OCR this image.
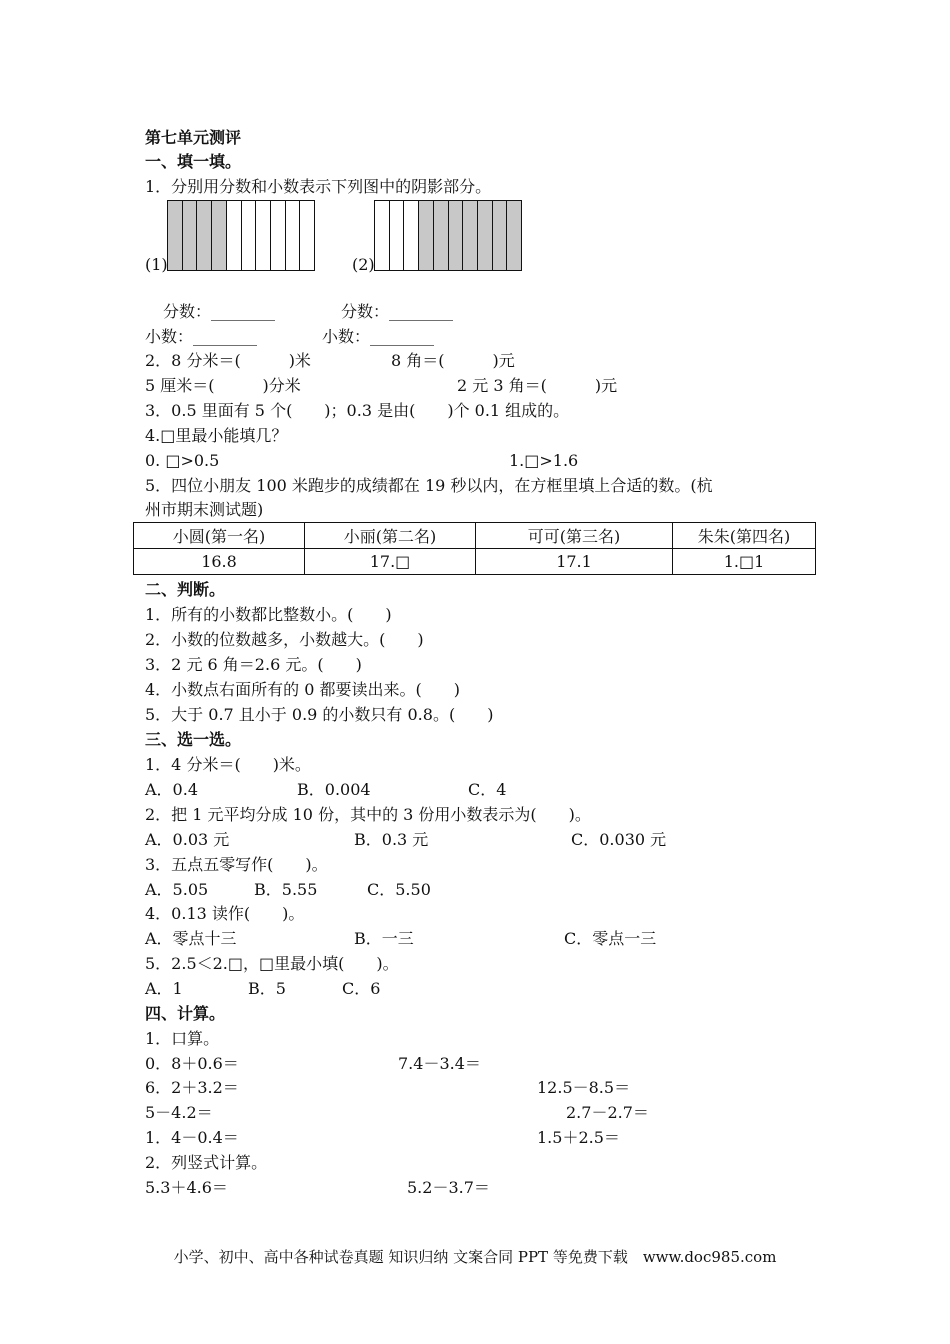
第七单元测评
一、填一填。
1．分别用分数和小数表示下列图中的阴影部分。
(1)	(2)
分数：________	分数：________
小数：________	小数：________
2．8 分米＝(　　　)米	8 角＝(　　　)元
5 厘米＝(　　　)分米	2 元 3 角＝(　　　)元
3．0.5 里面有 5 个(　　)；0.3 是由(　　)个 0.1 组成的。
4.□里最小能填几？
0. □>0.5	1.□>1.6
5．四位小朋友 100 米跑步的成绩都在 19 秒以内，在方框里填上合适的数。(杭
州市期末测试题)
小圆(第一名)	小丽(第二名)	可可(第三名)	朱朱(第四名)
16.8	17.□	17.1	1.□1
二、判断。
1．所有的小数都比整数小。(　　)
2．小数的位数越多，小数越大。(　　)
3．2 元 6 角＝2.6 元。(　　)
4．小数点右面所有的 0 都要读出来。(　　)
5．大于 0.7 且小于 0.9 的小数只有 0.8。(　　)
三、选一选。
1．4 分米＝(　　)米。
A．0.4	B．0.004	C．4
2．把 1 元平均分成 10 份，其中的 3 份用小数表示为(　　)。
A．0.03 元	B．0.3 元	C．0.030 元
3．五点五零写作(　　)。
A．5.05	B．5.55	C．5.50
4．0.13 读作(　　)。
A．零点十三	B．一三	C．零点一三
5．2.5＜2.□，□里最小填(　　)。
A．1	B．5	C．6
四、计算。
1．口算。
0．8＋0.6＝	7.4－3.4＝
6．2＋3.2＝	12.5－8.5＝
5－4.2＝	2.7－2.7＝
1．4－0.4＝	1.5＋2.5＝
2．列竖式计算。
5.3＋4.6＝	5.2－3.7＝
小学、初中、高中各种试卷真题 知识归纳 文案合同 PPT 等免费下载　www.doc985.com
